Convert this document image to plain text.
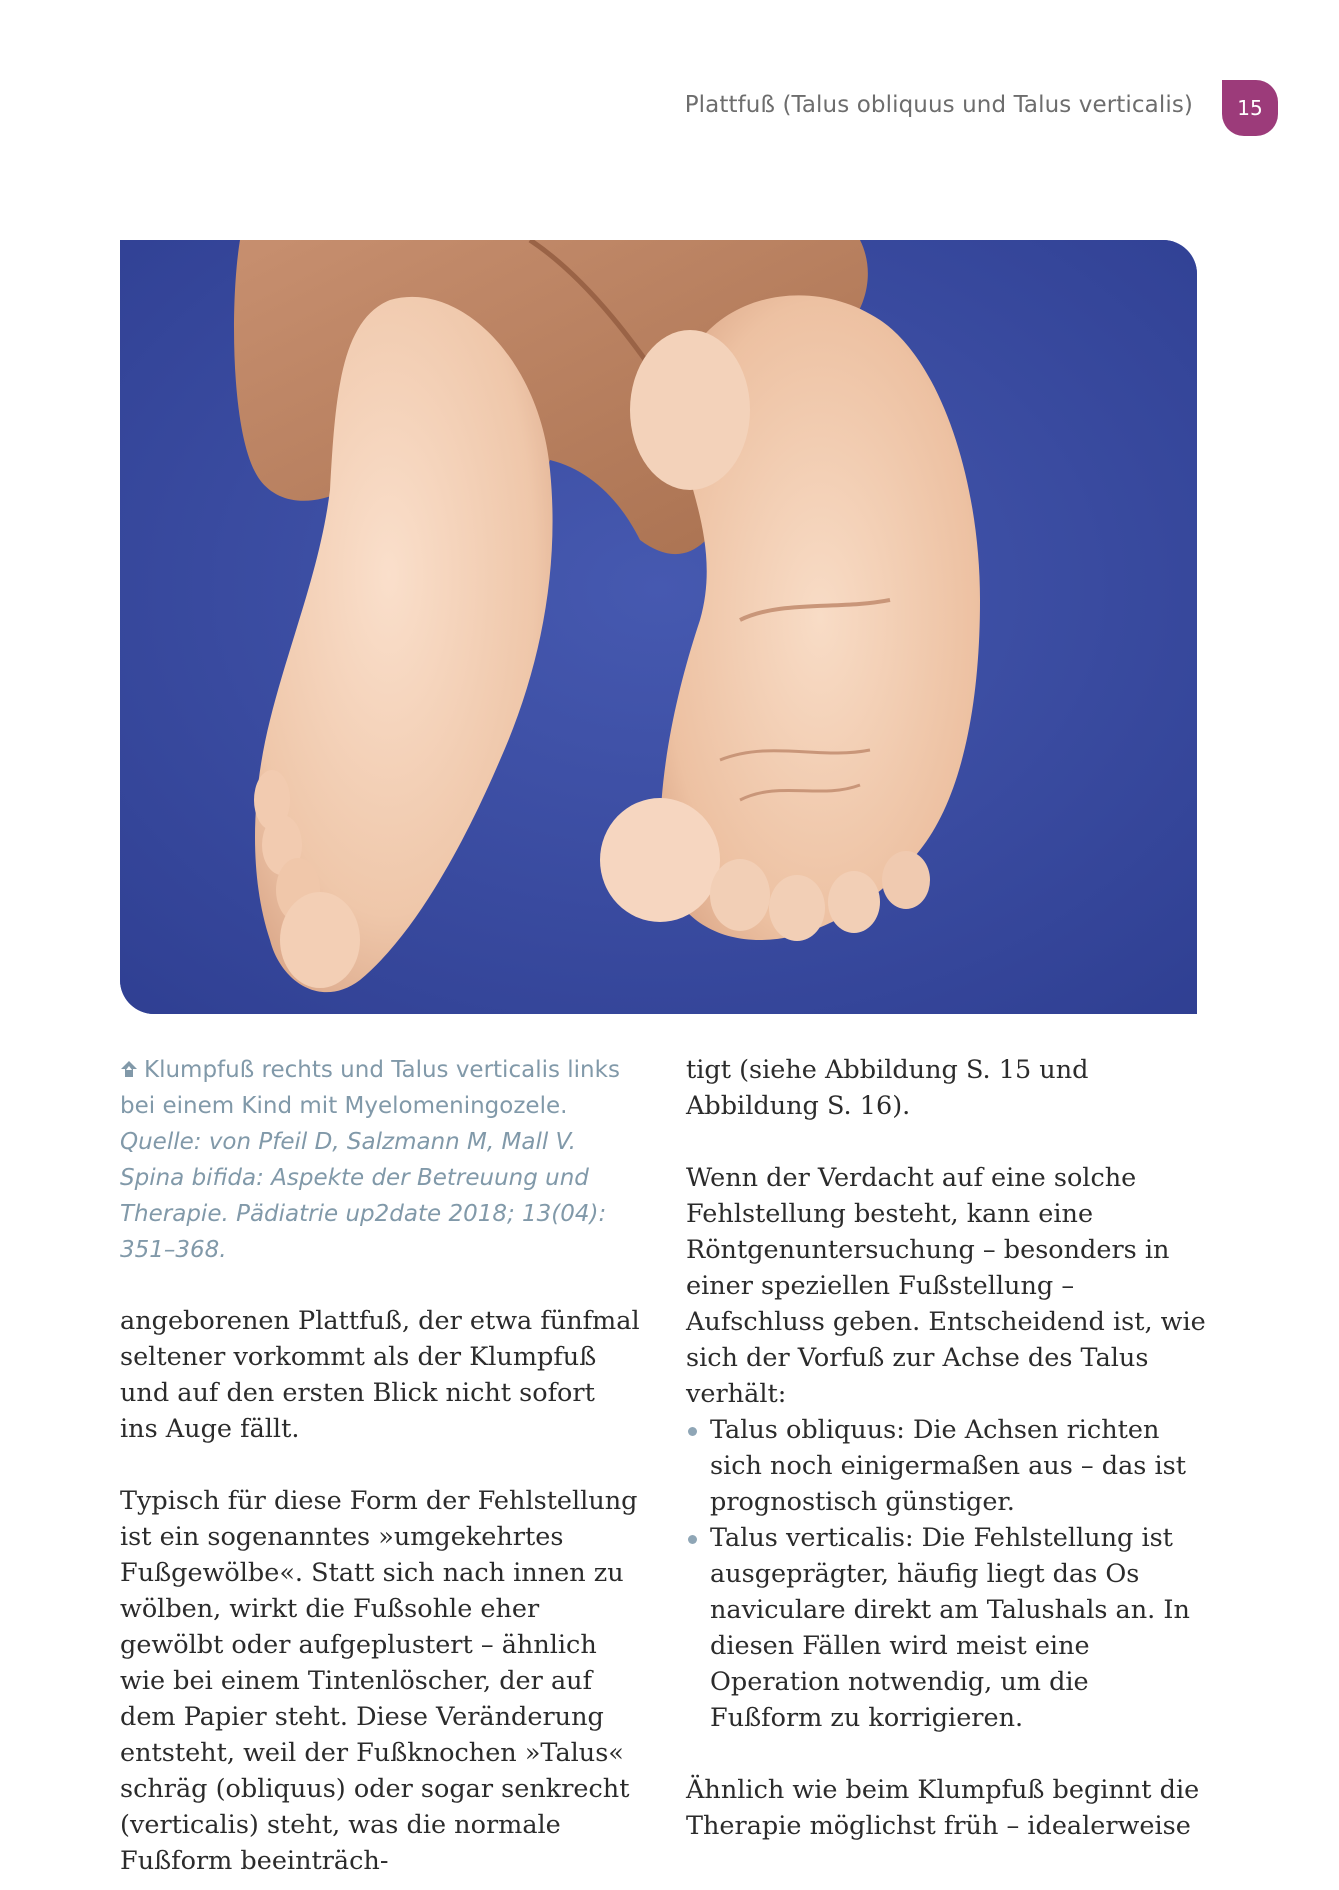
Plattfuß (Talus obliquus und Talus verticalis)	15
Klumpfuß rechts und Talus verticalis links bei einem Kind mit Myelomeningozele. Quelle: von Pfeil D, Salzmann M, Mall V. Spina bifida: Aspekte der Betreuung und Therapie. Pädiatrie up2date 2018; 13(04): 351–368.

angeborenen Plattfuß, der etwa fünfmal seltener vorkommt als der Klumpfuß und auf den ersten Blick nicht sofort ins Auge fällt.

Typisch für diese Form der Fehlstellung ist ein sogenanntes »umgekehrtes Fußgewölbe«. Statt sich nach innen zu wölben, wirkt die Fußsohle eher gewölbt oder aufgeplustert – ähnlich wie bei einem Tintenlöscher, der auf dem Papier steht. Diese Veränderung entsteht, weil der Fußknochen »Talus« schräg (obliquus) oder sogar senkrecht (verticalis) steht, was die normale Fußform beeinträch-

tigt (siehe Abbildung S. 15 und Abbildung S. 16).

Wenn der Verdacht auf eine solche Fehlstellung besteht, kann eine Röntgenuntersuchung – besonders in einer speziellen Fußstellung – Aufschluss geben. Entscheidend ist, wie sich der Vorfuß zur Achse des Talus verhält:

Talus obliquus: Die Achsen richten sich noch einigermaßen aus – das ist prognostisch günstiger.
Talus verticalis: Die Fehlstellung ist ausgeprägter, häufig liegt das Os naviculare direkt am Talushals an. In diesen Fällen wird meist eine Operation notwendig, um die Fußform zu korrigieren.

Ähnlich wie beim Klumpfuß beginnt die Therapie möglichst früh – idealerweise
